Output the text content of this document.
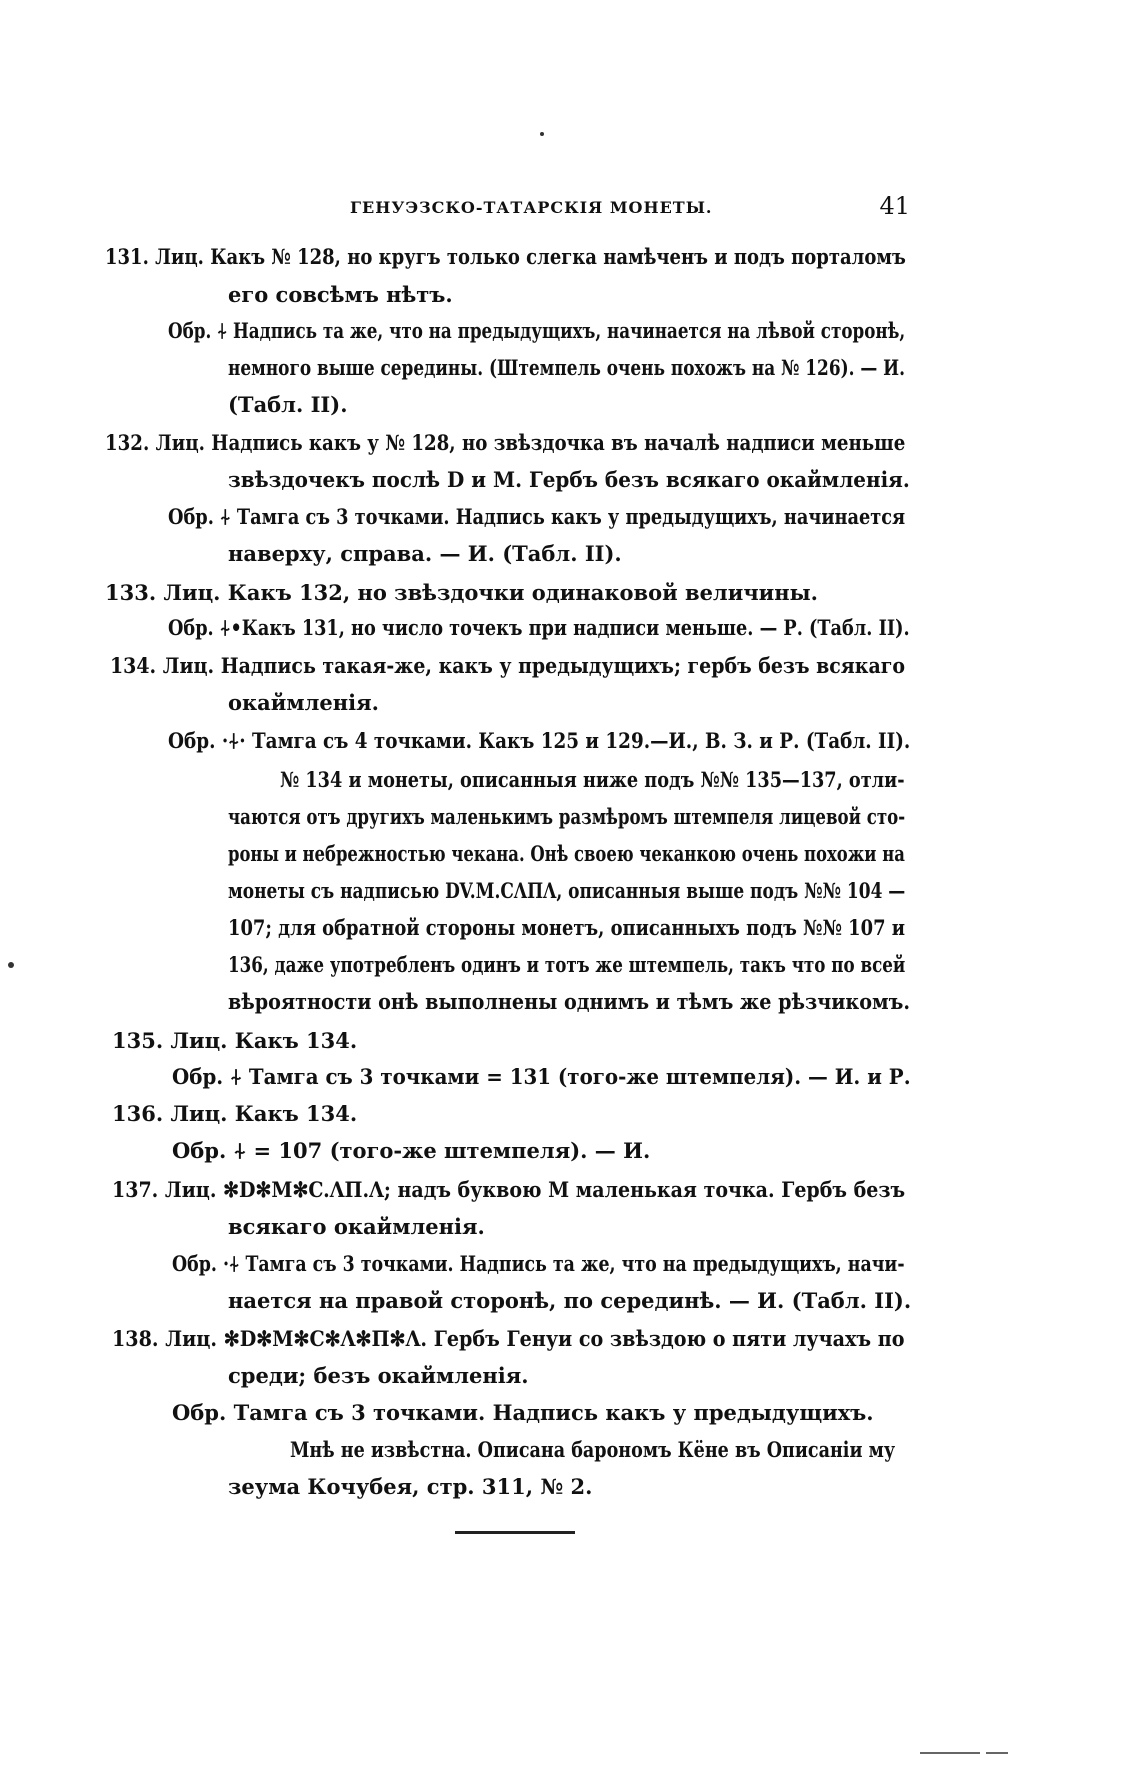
ГЕНУЭЗСКО-ТАТАРСКІЯ МОНЕТЫ.	41
131. Лиц. Какъ № 128, но кругъ только слегка намѣченъ и подъ порталомъ
его совсѣмъ нѣтъ.
Обр. ⍭ Надпись та же, что на предыдущихъ, начинается на лѣвой сторонѣ,
немного выше середины. (Штемпель очень похожъ на № 126). — И.
(Табл. II).
132. Лиц. Надпись какъ у № 128, но звѣздочка въ началѣ надписи меньше
звѣздочекъ послѣ D и M. Гербъ безъ всякаго окаймленія.
Обр. ⍭ Тамга съ 3 точками. Надпись какъ у предыдущихъ, начинается
наверху, справа. — И. (Табл. II).
133. Лиц. Какъ 132, но звѣздочки одинаковой величины.
Обр. ⍭•Какъ 131, но число точекъ при надписи меньше. — Р. (Табл. II).
134. Лиц. Надпись такая-же, какъ у предыдущихъ; гербъ безъ всякаго
окаймленія.
Обр. ·⍭· Тамга съ 4 точками. Какъ 125 и 129.—И., В. З. и Р. (Табл. II).
№ 134 и монеты, описанныя ниже подъ №№ 135—137, отли-
чаются отъ другихъ маленькимъ размѣромъ штемпеля лицевой сто-
роны и небрежностью чекана. Онѣ своею чеканкою очень похожи на
монеты съ надписью DV.M.CΛΠΛ, описанныя выше подъ №№ 104 —
107; для обратной стороны монетъ, описанныхъ подъ №№ 107 и
136, даже употребленъ одинъ и тотъ же штемпель, такъ что по всей
вѣроятности онѣ выполнены однимъ и тѣмъ же рѣзчикомъ.
135. Лиц. Какъ 134.
Обр. ⍭ Тамга съ 3 точками = 131 (того-же штемпеля). — И. и Р.
136. Лиц. Какъ 134.
Обр. ⍭ = 107 (того-же штемпеля). — И.
137. Лиц. ✻D✻M✻C.ΛΠ.Λ; надъ буквою M маленькая точка. Гербъ безъ
всякаго окаймленія.
Обр. ·⍭ Тамга съ 3 точками. Надпись та же, что на предыдущихъ, начи-
нается на правой сторонѣ, по серединѣ. — И. (Табл. II).
138. Лиц. ✻D✻M✻C✻Λ✻Π✻Λ. Гербъ Генуи со звѣздою о пяти лучахъ по
среди; безъ окаймленія.
Обр. Тамга съ 3 точками. Надпись какъ у предыдущихъ.
Мнѣ не извѣстна. Описана барономъ Кёне въ Описаніи му
зеума Кочубея, стр. 311, № 2.
